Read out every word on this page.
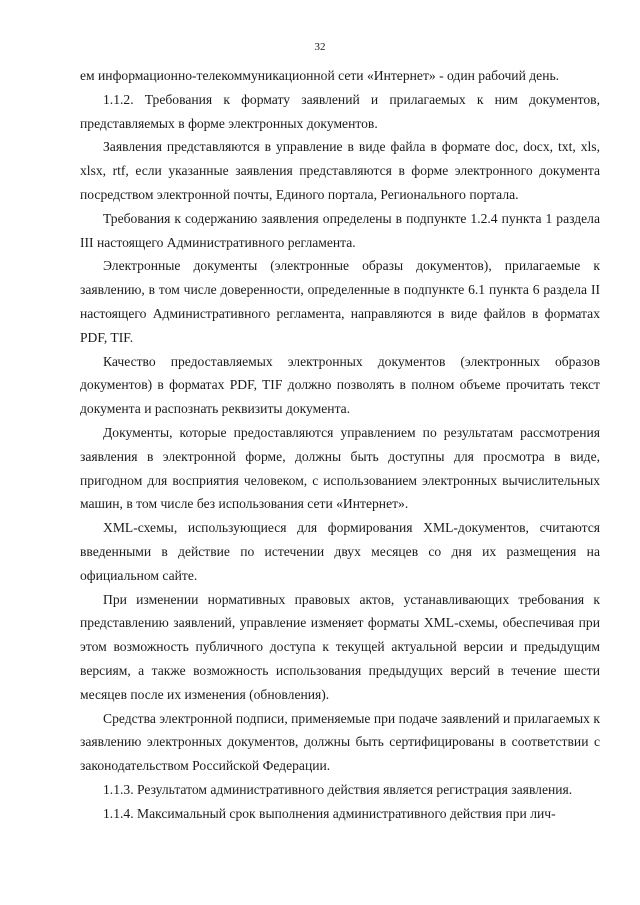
32

ем информационно-телекоммуникационной сети «Интернет» - один рабочий день.

1.1.2. Требования к формату заявлений и прилагаемых к ним документов, представляемых в форме электронных документов.

Заявления представляются в управление в виде файла в формате doc, docx, txt, xls, xlsx, rtf, если указанные заявления представляются в форме электронного документа посредством электронной почты, Единого портала, Регионального портала.

Требования к содержанию заявления определены в подпункте 1.2.4 пункта 1 раздела III настоящего Административного регламента.

Электронные документы (электронные образы документов), прилагаемые к заявлению, в том числе доверенности, определенные в подпункте 6.1 пункта 6 раздела II настоящего Административного регламента, направляются в виде файлов в форматах PDF, TIF.

Качество предоставляемых электронных документов (электронных образов документов) в форматах PDF, TIF должно позволять в полном объеме прочитать текст документа и распознать реквизиты документа.

Документы, которые предоставляются управлением по результатам рассмотрения заявления в электронной форме, должны быть доступны для просмотра в виде, пригодном для восприятия человеком, с использованием электронных вычислительных машин, в том числе без использования сети «Интернет».

XML-схемы, использующиеся для формирования XML-документов, считаются введенными в действие по истечении двух месяцев со дня их размещения на официальном сайте.

При изменении нормативных правовых актов, устанавливающих требования к представлению заявлений, управление изменяет форматы XML-схемы, обеспечивая при этом возможность публичного доступа к текущей актуальной версии и предыдущим версиям, а также возможность использования предыдущих версий в течение шести месяцев после их изменения (обновления).

Средства электронной подписи, применяемые при подаче заявлений и прилагаемых к заявлению электронных документов, должны быть сертифицированы в соответствии с законодательством Российской Федерации.

1.1.3. Результатом административного действия является регистрация заявления.

1.1.4. Максимальный срок выполнения административного действия при лич-
